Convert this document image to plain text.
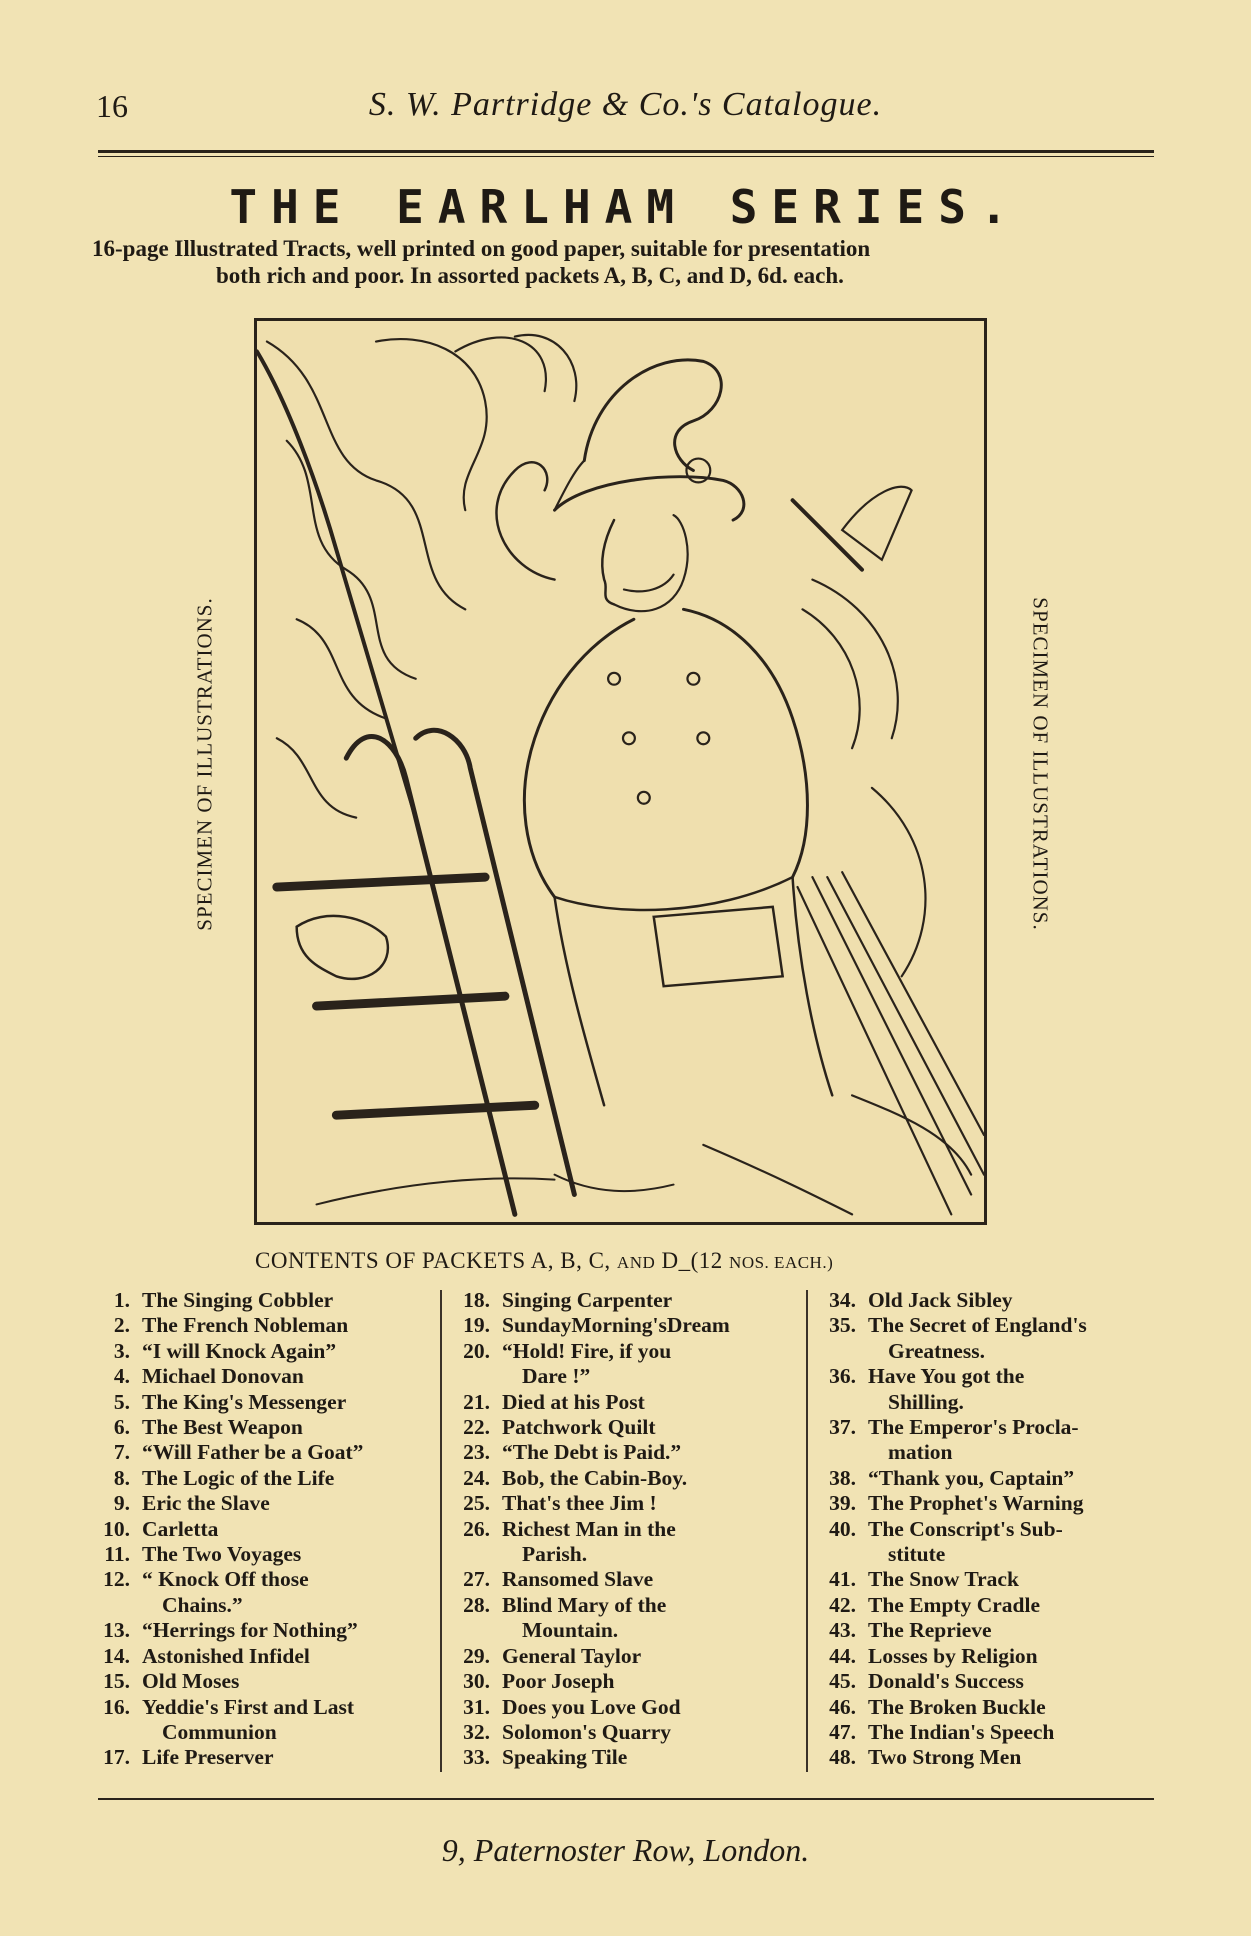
16	S. W. Partridge & Co.'s Catalogue.
THE EARLHAM SERIES.
16-page Illustrated Tracts, well printed on good paper, suitable for presentation
both rich and poor. In assorted packets A, B, C, and D, 6d. each.
SPECIMEN OF ILLUSTRATIONS.	SPECIMEN OF ILLUSTRATIONS.
CONTENTS OF PACKETS A, B, C, AND D_(12 NOS. EACH.)
1. The Singing Cobbler
2. The French Nobleman
3. “I will Knock Again”
4. Michael Donovan
5. The King's Messenger
6. The Best Weapon
7. “Will Father be a Goat”
8. The Logic of the Life
9. Eric the Slave
10. Carletta
11. The Two Voyages
12. “ Knock Off those
Chains.”
13. “Herrings for Nothing”
14. Astonished Infidel
15. Old Moses
16. Yeddie's First and Last
Communion
17. Life Preserver
18. Singing Carpenter
19. SundayMorning'sDream
20. “Hold! Fire, if you
Dare !”
21. Died at his Post
22. Patchwork Quilt
23. “The Debt is Paid.”
24. Bob, the Cabin-Boy.
25. That's thee Jim !
26. Richest Man in the
Parish.
27. Ransomed Slave
28. Blind Mary of the
Mountain.
29. General Taylor
30. Poor Joseph
31. Does you Love God
32. Solomon's Quarry
33. Speaking Tile
34. Old Jack Sibley
35. The Secret of England's
Greatness.
36. Have You got the
Shilling.
37. The Emperor's Procla-
mation
38. “Thank you, Captain”
39. The Prophet's Warning
40. The Conscript's Sub-
stitute
41. The Snow Track
42. The Empty Cradle
43. The Reprieve
44. Losses by Religion
45. Donald's Success
46. The Broken Buckle
47. The Indian's Speech
48. Two Strong Men
9, Paternoster Row, London.
